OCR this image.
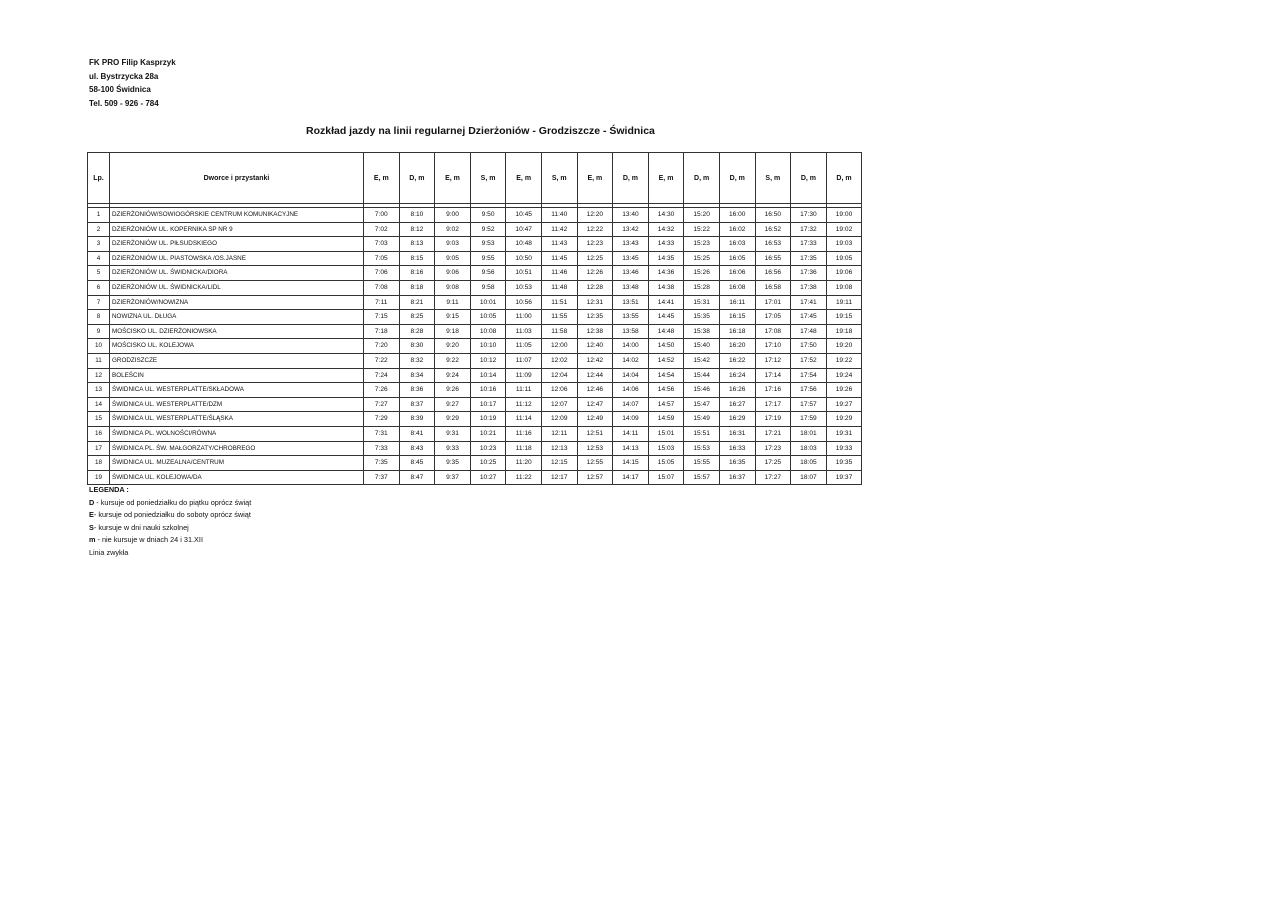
FK PRO Filip Kasprzyk
ul. Bystrzycka 28a
58-100 Świdnica
Tel. 509 - 926 - 784
Rozkład jazdy na linii regularnej Dzierżoniów - Grodziszcze - Świdnica
Lp.	Dworce i przystanki	E, m	D, m	E, m	S, m	E, m	S, m	E, m	D, m	E, m	D, m	D, m	S, m	D, m	D, m

1	DZIERŻONIÓW/SOWIOGÓRSKIE CENTRUM KOMUNIKACYJNE	7:00	8:10	9:00	9:50	10:45	11:40	12:20	13:40	14:30	15:20	16:00	16:50	17:30	19:00
2	DZIERŻONIÓW UL. KOPERNIKA SP NR 9	7:02	8:12	9:02	9:52	10:47	11:42	12:22	13:42	14:32	15:22	16:02	16:52	17:32	19:02
3	DZIERŻONIÓW UL. PIŁSUDSKIEGO	7:03	8:13	9:03	9:53	10:48	11:43	12:23	13:43	14:33	15:23	16:03	16:53	17:33	19:03
4	DZIERŻONIÓW UL. PIASTOWSKA /OS.JASNE	7:05	8:15	9:05	9:55	10:50	11:45	12:25	13:45	14:35	15:25	16:05	16:55	17:35	19:05
5	DZIERŻONIÓW UL. ŚWIDNICKA/DIORA	7:06	8:16	9:06	9:56	10:51	11:46	12:26	13:46	14:36	15:26	16:06	16:56	17:36	19:06
6	DZIERŻONIÓW UL. ŚWIDNICKA/LIDL	7:08	8:18	9:08	9:58	10:53	11:48	12:28	13:48	14:38	15:28	16:08	16:58	17:38	19:08
7	DZIERŻONIÓW/NOWIZNA	7:11	8:21	9:11	10:01	10:56	11:51	12:31	13:51	14:41	15:31	16:11	17:01	17:41	19:11
8	NOWIZNA UL. DŁUGA	7:15	8:25	9:15	10:05	11:00	11:55	12:35	13:55	14:45	15:35	16:15	17:05	17:45	19:15
9	MOŚCISKO UL. DZIERŻONIOWSKA	7:18	8:28	9:18	10:08	11:03	11:58	12:38	13:58	14:48	15:38	16:18	17:08	17:48	19:18
10	MOŚCISKO UL. KOLEJOWA	7:20	8:30	9:20	10:10	11:05	12:00	12:40	14:00	14:50	15:40	16:20	17:10	17:50	19:20
11	GRODZISZCZE	7:22	8:32	9:22	10:12	11:07	12:02	12:42	14:02	14:52	15:42	16:22	17:12	17:52	19:22
12	BOLEŚCIN	7:24	8:34	9:24	10:14	11:09	12:04	12:44	14:04	14:54	15:44	16:24	17:14	17:54	19:24
13	ŚWIDNICA UL. WESTERPLATTE/SKŁADOWA	7:26	8:36	9:26	10:16	11:11	12:06	12:46	14:06	14:56	15:46	16:26	17:16	17:56	19:26
14	ŚWIDNICA UL. WESTERPLATTE/DZM	7:27	8:37	9:27	10:17	11:12	12:07	12:47	14:07	14:57	15:47	16:27	17:17	17:57	19:27
15	ŚWIDNICA UL. WESTERPLATTE/ŚLĄSKA	7:29	8:39	9:29	10:19	11:14	12:09	12:49	14:09	14:59	15:49	16:29	17:19	17:59	19:29
16	ŚWIDNICA PL. WOLNOŚCI/RÓWNA	7:31	8:41	9:31	10:21	11:16	12:11	12:51	14:11	15:01	15:51	16:31	17:21	18:01	19:31
17	ŚWIDNICA PL. ŚW. MAŁGORZATY/CHROBREGO	7:33	8:43	9:33	10:23	11:18	12:13	12:53	14:13	15:03	15:53	16:33	17:23	18:03	19:33
18	ŚWIDNICA UL. MUZEALNA/CENTRUM	7:35	8:45	9:35	10:25	11:20	12:15	12:55	14:15	15:05	15:55	16:35	17:25	18:05	19:35
19	ŚWIDNICA UL. KOLEJOWA/DA	7:37	8:47	9:37	10:27	11:22	12:17	12:57	14:17	15:07	15:57	16:37	17:27	18:07	19:37
LEGENDA :
D - kursuje od poniedziałku do piątku oprócz świąt
E- kursuje od poniedziałku do soboty oprócz świąt
S- kursuje w dni nauki szkolnej
m - nie kursuje w dniach 24 i 31.XII
Linia zwykła
